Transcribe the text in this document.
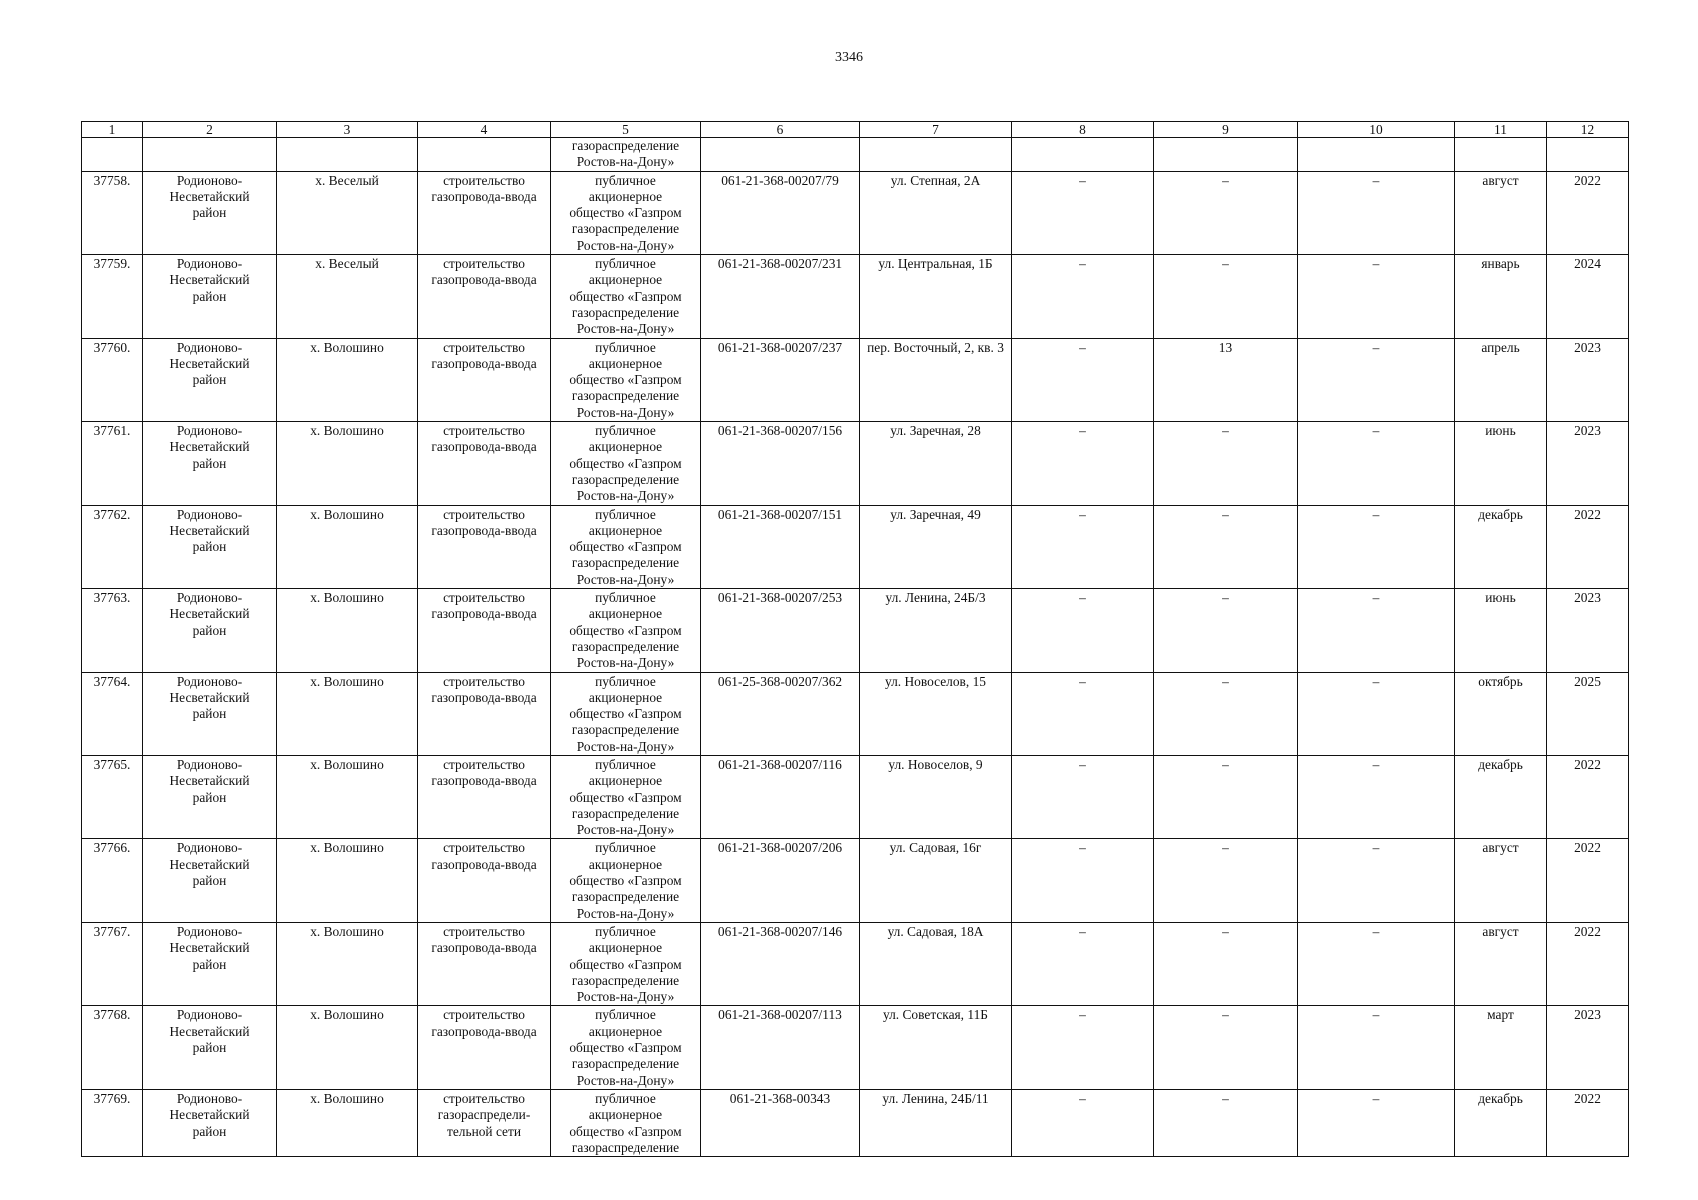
3346
1	2	3	4	5	6	7	8	9	10	11	12
				газораспределение
Ростов-на-Дону»							
37758.	Родионово-
Несветайский
район	х. Веселый	строительство газопровода-ввода	публичное
акционерное
общество «Газпром
газораспределение
Ростов-на-Дону»	061-21-368-00207/79	ул. Степная, 2А	–	–	–	август	2022
37759.	Родионово-
Несветайский
район	х. Веселый	строительство газопровода-ввода	публичное
акционерное
общество «Газпром
газораспределение
Ростов-на-Дону»	061-21-368-00207/231	ул. Центральная, 1Б	–	–	–	январь	2024
37760.	Родионово-
Несветайский
район	х. Волошино	строительство газопровода-ввода	публичное
акционерное
общество «Газпром
газораспределение
Ростов-на-Дону»	061-21-368-00207/237	пер. Восточный, 2, кв. 3	–	13	–	апрель	2023
37761.	Родионово-
Несветайский
район	х. Волошино	строительство газопровода-ввода	публичное
акционерное
общество «Газпром
газораспределение
Ростов-на-Дону»	061-21-368-00207/156	ул. Заречная, 28	–	–	–	июнь	2023
37762.	Родионово-
Несветайский
район	х. Волошино	строительство газопровода-ввода	публичное
акционерное
общество «Газпром
газораспределение
Ростов-на-Дону»	061-21-368-00207/151	ул. Заречная, 49	–	–	–	декабрь	2022
37763.	Родионово-
Несветайский
район	х. Волошино	строительство газопровода-ввода	публичное
акционерное
общество «Газпром
газораспределение
Ростов-на-Дону»	061-21-368-00207/253	ул. Ленина, 24Б/3	–	–	–	июнь	2023
37764.	Родионово-
Несветайский
район	х. Волошино	строительство газопровода-ввода	публичное
акционерное
общество «Газпром
газораспределение
Ростов-на-Дону»	061-25-368-00207/362	ул. Новоселов, 15	–	–	–	октябрь	2025
37765.	Родионово-
Несветайский
район	х. Волошино	строительство газопровода-ввода	публичное
акционерное
общество «Газпром
газораспределение
Ростов-на-Дону»	061-21-368-00207/116	ул. Новоселов, 9	–	–	–	декабрь	2022
37766.	Родионово-
Несветайский
район	х. Волошино	строительство газопровода-ввода	публичное
акционерное
общество «Газпром
газораспределение
Ростов-на-Дону»	061-21-368-00207/206	ул. Садовая, 16г	–	–	–	август	2022
37767.	Родионово-
Несветайский
район	х. Волошино	строительство газопровода-ввода	публичное
акционерное
общество «Газпром
газораспределение
Ростов-на-Дону»	061-21-368-00207/146	ул. Садовая, 18А	–	–	–	август	2022
37768.	Родионово-
Несветайский
район	х. Волошино	строительство газопровода-ввода	публичное
акционерное
общество «Газпром
газораспределение
Ростов-на-Дону»	061-21-368-00207/113	ул. Советская, 11Б	–	–	–	март	2023
37769.	Родионово-
Несветайский
район	х. Волошино	строительство газораспредели- тельной сети	публичное
акционерное
общество «Газпром
газораспределение	061-21-368-00343	ул. Ленина, 24Б/11	–	–	–	декабрь	2022
